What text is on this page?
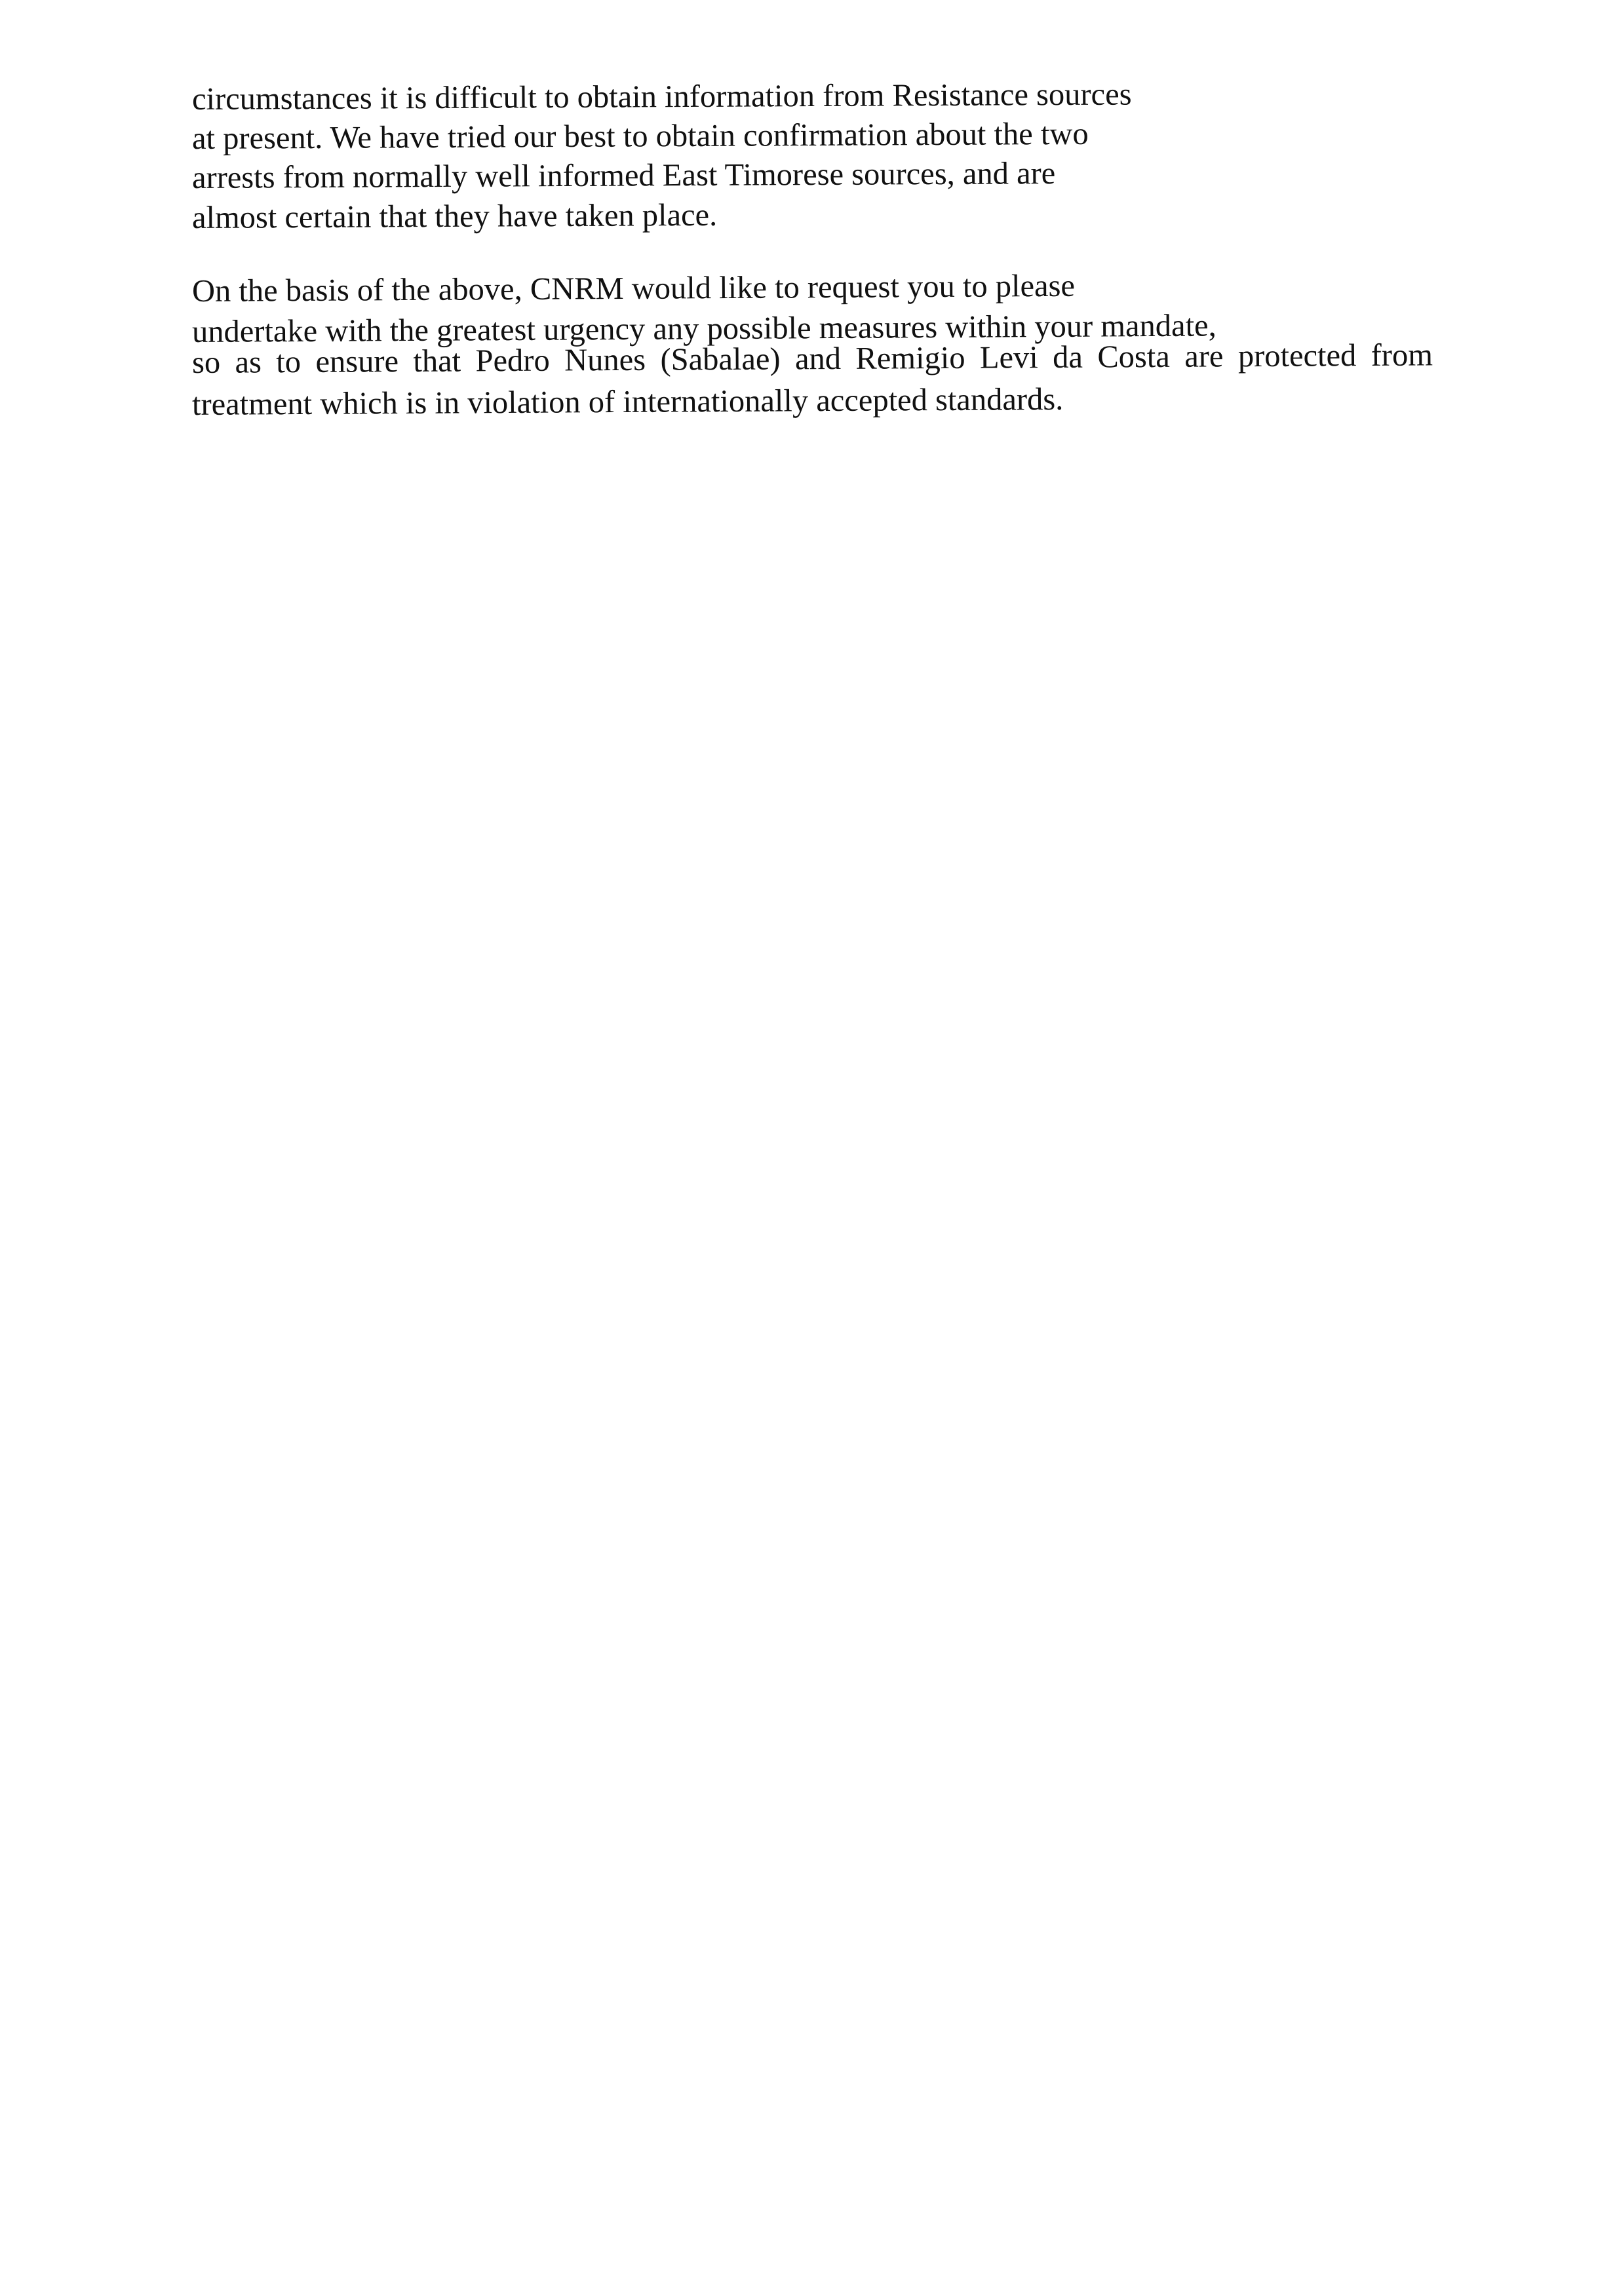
circumstances it is difficult to obtain information from Resistance sources

at present. We have tried our best to obtain confirmation about the two

arrests from normally well informed East Timorese sources, and are

almost certain that they have taken place.

On the basis of the above, CNRM would like to request you to please

undertake with the greatest urgency any possible measures within your mandate,

so as to ensure that Pedro Nunes (Sabalae) and Remigio Levi da Costa are protected from

treatment which is in violation of internationally accepted standards.
